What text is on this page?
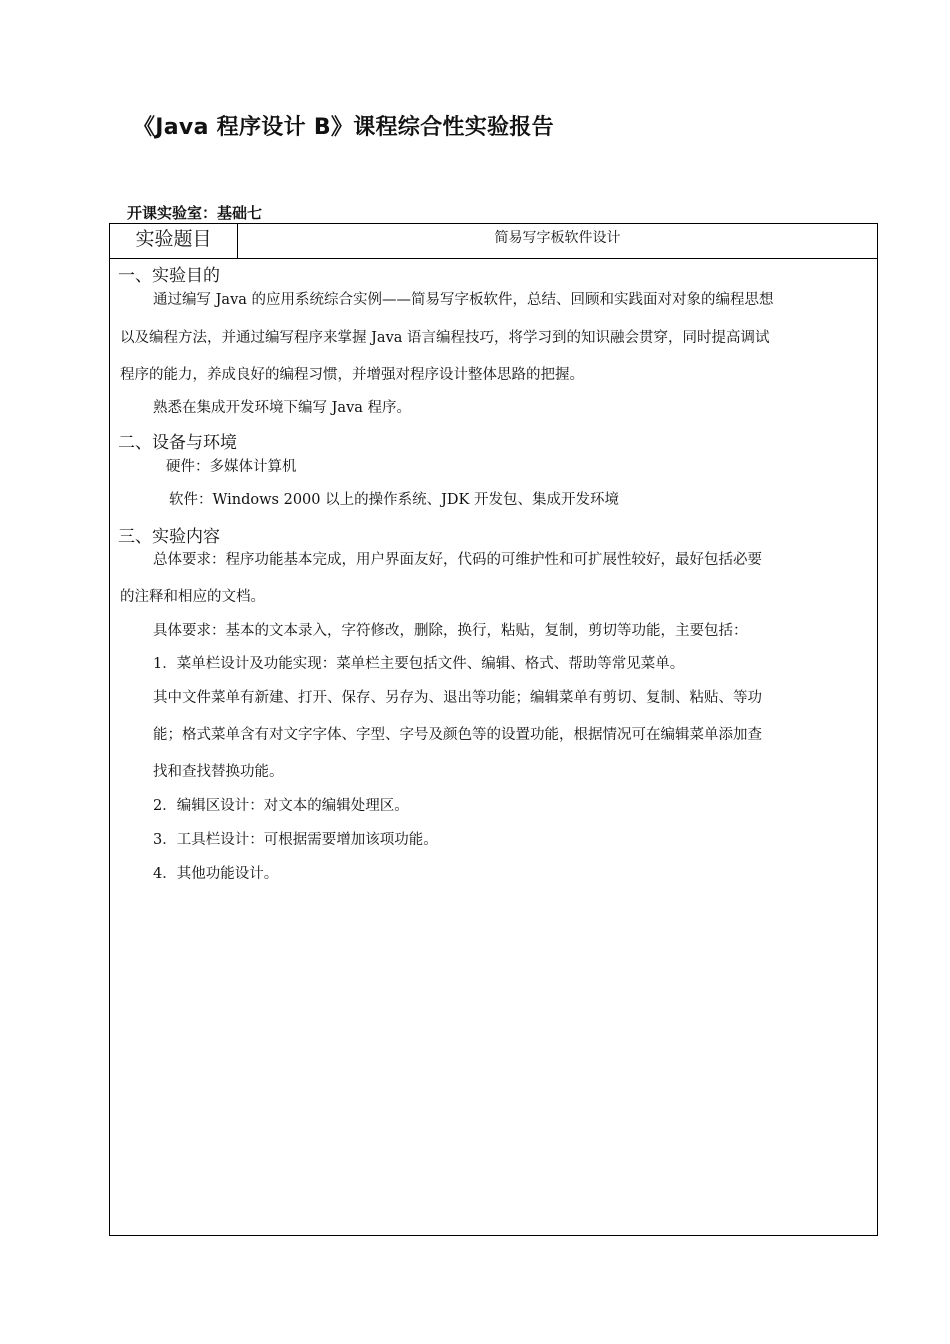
《Java 程序设计 B》课程综合性实验报告
开课实验室：基础七
实验题目	简易写字板软件设计
一、实验目的
通过编写 Java 的应用系统综合实例——简易写字板软件，总结、回顾和实践面对对象的编程思想
以及编程方法，并通过编写程序来掌握 Java 语言编程技巧，将学习到的知识融会贯穿，同时提高调试
程序的能力，养成良好的编程习惯，并增强对程序设计整体思路的把握。
熟悉在集成开发环境下编写 Java 程序。
二、设备与环境
硬件：多媒体计算机
软件：Windows 2000 以上的操作系统、JDK 开发包、集成开发环境
三、实验内容
总体要求：程序功能基本完成，用户界面友好，代码的可维护性和可扩展性较好，最好包括必要
的注释和相应的文档。
具体要求：基本的文本录入，字符修改，删除，换行，粘贴，复制，剪切等功能，主要包括：
1．菜单栏设计及功能实现：菜单栏主要包括文件、编辑、格式、帮助等常见菜单。
其中文件菜单有新建、打开、保存、另存为、退出等功能；编辑菜单有剪切、复制、粘贴、等功
能；格式菜单含有对文字字体、字型、字号及颜色等的设置功能，根据情况可在编辑菜单添加查
找和查找替换功能。
2．编辑区设计：对文本的编辑处理区。
3．工具栏设计：可根据需要增加该项功能。
4．其他功能设计。
